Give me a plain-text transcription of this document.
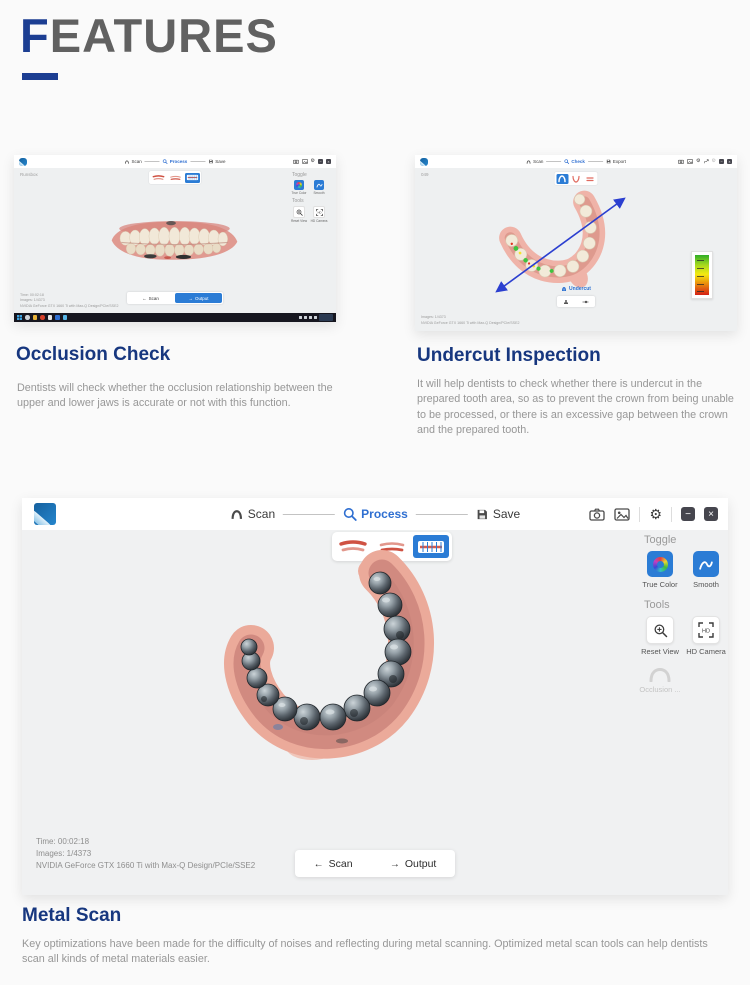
FEATURES
Scan	Process	Save	⚙	−	×
Runsbox	Toggle
True Color Smooth
Tools
Reset View
HD
HD Camera
Time: 00:02:18
Images: 1/4373
NVIDIA GeForce GTX 1660 Ti with Max-Q Design/PCIe/SSE2
← Scan	→ Output
Scan	Check	Export	⚙ ⚙	−	×
049
Undercut
Images: 1/4373
NVIDIA GeForce GTX 1660 Ti with Max-Q Design/PCIe/SSE2
Occlusion Check
Dentists will check whether the occlusion relationship between the upper and lower jaws is accurate or not with this function.
Undercut Inspection
It will help dentists to check whether there is undercut in the prepared tooth area, so as to prevent the crown from being unable to be processed, or there is an excessive gap between the crown and the prepared tooth.
Scan	Process	Save	⚙	−	×
Toggle
True Color Smooth
Tools
Reset View
HD
HD Camera
Occlusion ...
Time: 00:02:18
Images: 1/4373
NVIDIA GeForce GTX 1660 Ti with Max-Q Design/PCIe/SSE2	← Scan	→ Output
Metal Scan
Key optimizations have been made for the difficulty of noises and reflecting during metal scanning. Optimized metal scan tools can help dentists scan all kinds of metal materials easier.
